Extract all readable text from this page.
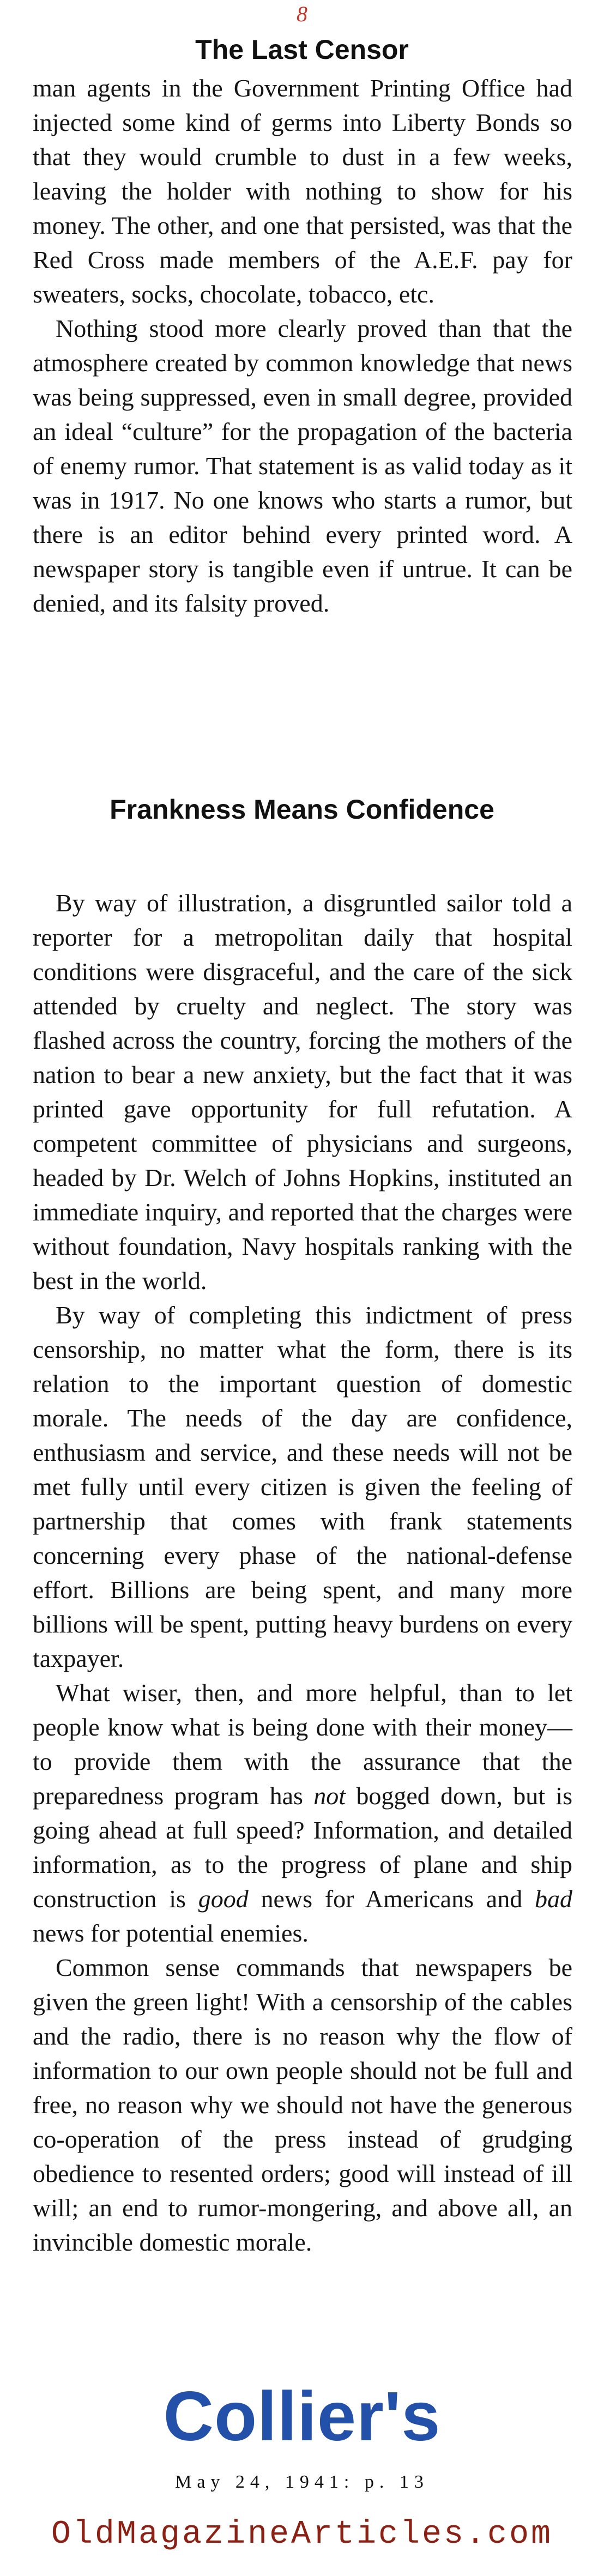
8
The Last Censor

man agents in the Government Printing Office had injected some kind of germs into Liberty Bonds so that they would crumble to dust in a few weeks, leaving the holder with nothing to show for his money. The other, and one that persisted, was that the Red Cross made members of the A.E.F. pay for sweaters, socks, chocolate, tobacco, etc.

Nothing stood more clearly proved than that the atmosphere created by common knowledge that news was being suppressed, even in small degree, provided an ideal “culture” for the propagation of the bacteria of enemy rumor. That statement is as valid today as it was in 1917. No one knows who starts a rumor, but there is an editor behind every printed word. A newspaper story is tangible even if untrue. It can be denied, and its falsity proved.

Frankness Means Confidence

By way of illustration, a disgruntled sailor told a reporter for a metropolitan daily that hospital conditions were disgraceful, and the care of the sick attended by cruelty and neglect. The story was flashed across the country, forcing the mothers of the nation to bear a new anxiety, but the fact that it was printed gave opportunity for full refutation. A competent committee of physicians and surgeons, headed by Dr. Welch of Johns Hopkins, instituted an immediate inquiry, and reported that the charges were without foundation, Navy hospitals ranking with the best in the world.

By way of completing this indictment of press censorship, no matter what the form, there is its relation to the important question of domestic morale. The needs of the day are confidence, enthusiasm and service, and these needs will not be met fully until every citizen is given the feeling of partnership that comes with frank statements concerning every phase of the national-defense effort. Billions are being spent, and many more billions will be spent, putting heavy burdens on every taxpayer.

What wiser, then, and more helpful, than to let people know what is being done with their money—to provide them with the assurance that the preparedness program has not bogged down, but is going ahead at full speed? Information, and detailed information, as to the progress of plane and ship construction is good news for Americans and bad news for potential enemies.

Common sense commands that newspapers be given the green light! With a censorship of the cables and the radio, there is no reason why the flow of information to our own people should not be full and free, no reason why we should not have the generous co-operation of the press instead of grudging obedience to resented orders; good will instead of ill will; an end to rumor-mongering, and above all, an invincible domestic morale.

Collier's
May 24, 1941: p. 13
OldMagazineArticles.com
